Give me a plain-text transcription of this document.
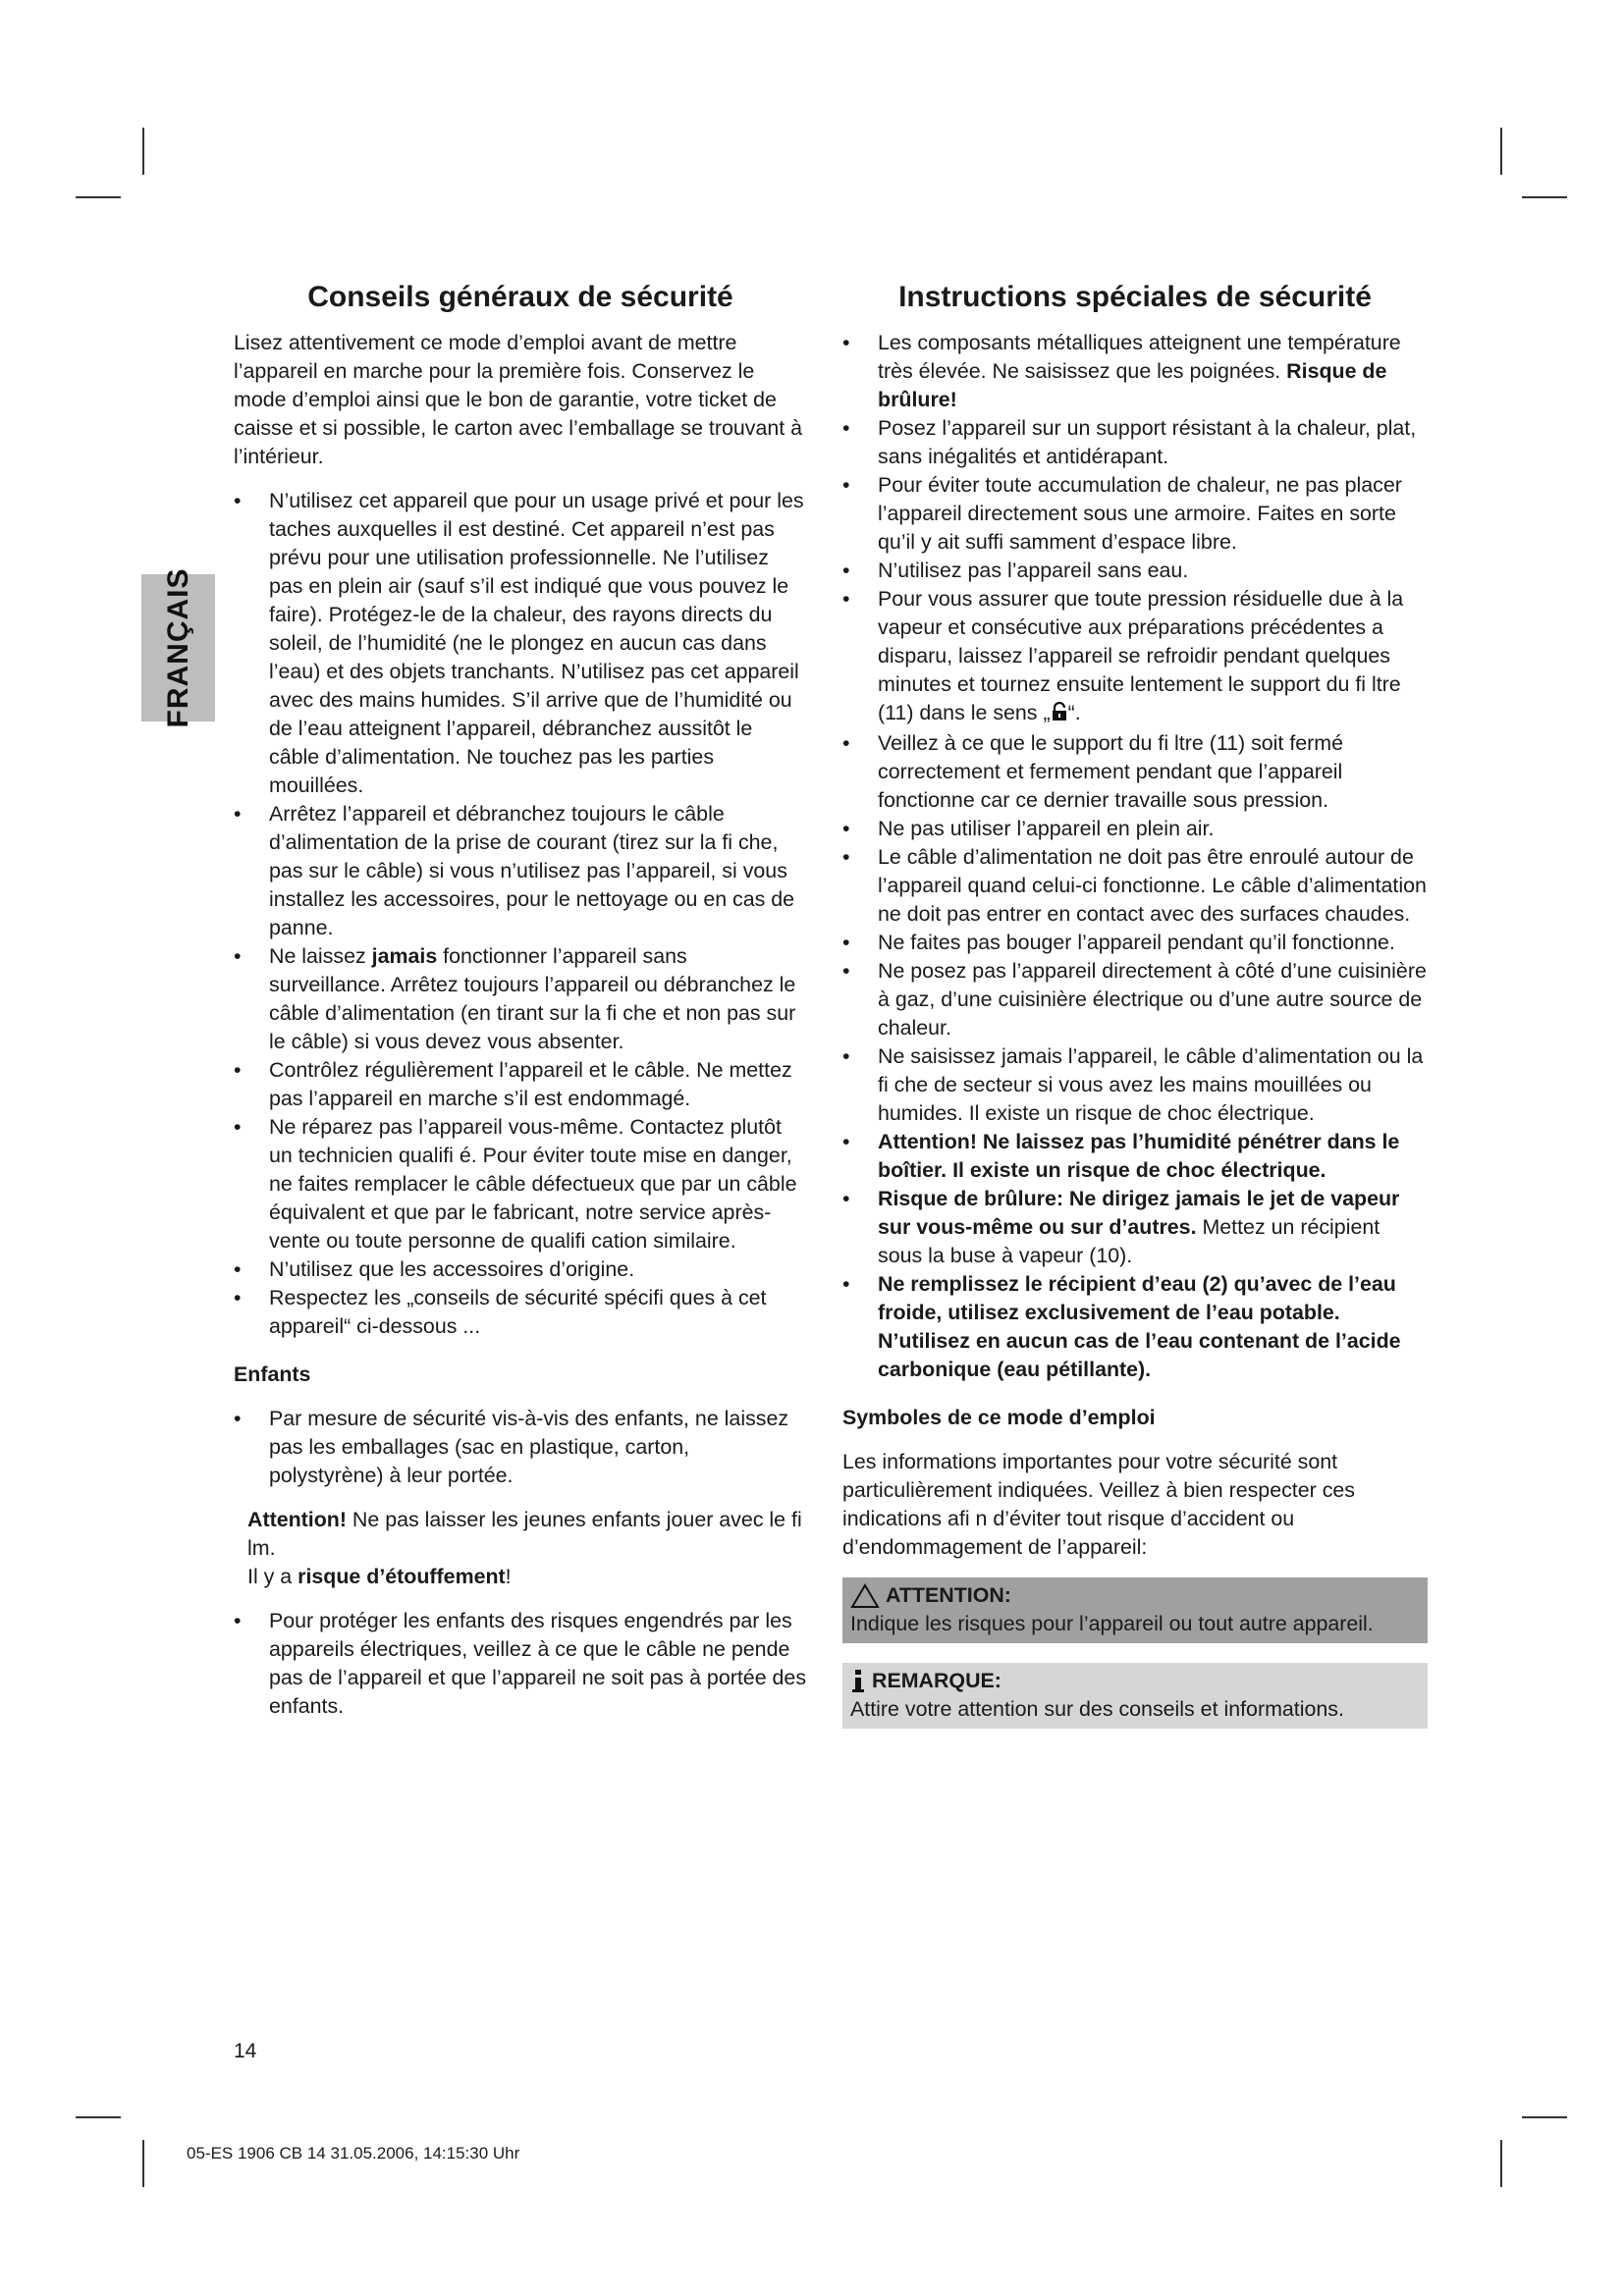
FRANÇAIS
Conseils généraux de sécurité

Lisez attentivement ce mode d’emploi avant de mettre l’appareil en marche pour la première fois. Conservez le mode d’emploi ainsi que le bon de garantie, votre ticket de caisse et si possible, le carton avec l’emballage se trouvant à l’intérieur.

• N’utilisez cet appareil que pour un usage privé et pour les taches auxquelles il est destiné. Cet appareil n’est pas prévu pour une utilisation professionnelle. Ne l’utilisez pas en plein air (sauf s’il est indiqué que vous pouvez le faire). Protégez-le de la chaleur, des rayons directs du soleil, de l’humidité (ne le plongez en aucun cas dans l’eau) et des objets tranchants. N’utilisez pas cet appareil avec des mains humides. S’il arrive que de l’humidité ou de l’eau atteignent l’appareil, débranchez aussitôt le câble d’alimentation. Ne touchez pas les parties mouillées.
• Arrêtez l’appareil et débranchez toujours le câble d’alimentation de la prise de courant (tirez sur la fi che, pas sur le câble) si vous n’utilisez pas l’appareil, si vous installez les accessoires, pour le nettoyage ou en cas de panne.
• Ne laissez jamais fonctionner l’appareil sans surveillance. Arrêtez toujours l’appareil ou débranchez le câble d’alimentation (en tirant sur la fi che et non pas sur le câble) si vous devez vous absenter.
• Contrôlez régulièrement l’appareil et le câble. Ne mettez pas l’appareil en marche s’il est endommagé.
• Ne réparez pas l’appareil vous-même. Contactez plutôt un technicien qualifi é. Pour éviter toute mise en danger, ne faites remplacer le câble défectueux que par un câble équivalent et que par le fabricant, notre service après-vente ou toute personne de qualifi cation similaire.
• N’utilisez que les accessoires d’origine.
• Respectez les „conseils de sécurité spécifi ques à cet appareil“ ci-dessous ...
Enfants
• Par mesure de sécurité vis-à-vis des enfants, ne laissez pas les emballages (sac en plastique, carton, polystyrène) à leur portée.
Attention! Ne pas laisser les jeunes enfants jouer avec le fi lm.
Il y a risque d’étouffement!
• Pour protéger les enfants des risques engendrés par les appareils électriques, veillez à ce que le câble ne pende pas de l’appareil et que l’appareil ne soit pas à portée des enfants.
Instructions spéciales de sécurité
• Les composants métalliques atteignent une température très élevée. Ne saisissez que les poignées. Risque de brûlure!
• Posez l’appareil sur un support résistant à la chaleur, plat, sans inégalités et antidérapant.
• Pour éviter toute accumulation de chaleur, ne pas placer l’appareil directement sous une armoire. Faites en sorte qu’il y ait suffi samment d’espace libre.
• N’utilisez pas l’appareil sans eau.
• Pour vous assurer que toute pression résiduelle due à la vapeur et consécutive aux préparations précédentes a disparu, laissez l’appareil se refroidir pendant quelques minutes et tournez ensuite lentement le support du fi ltre (11) dans le sens „ “.
• Veillez à ce que le support du fi ltre (11) soit fermé correctement et fermement pendant que l’appareil fonctionne car ce dernier travaille sous pression.
• Ne pas utiliser l’appareil en plein air.
• Le câble d’alimentation ne doit pas être enroulé autour de l’appareil quand celui-ci fonctionne. Le câble d’alimentation ne doit pas entrer en contact avec des surfaces chaudes.
• Ne faites pas bouger l’appareil pendant qu’il fonctionne.
• Ne posez pas l’appareil directement à côté d’une cuisinière à gaz, d’une cuisinière électrique ou d’une autre source de chaleur.
• Ne saisissez jamais l’appareil, le câble d’alimentation ou la fi che de secteur si vous avez les mains mouillées ou humides. Il existe un risque de choc électrique.
• Attention! Ne laissez pas l’humidité pénétrer dans le boîtier. Il existe un risque de choc électrique.
• Risque de brûlure: Ne dirigez jamais le jet de vapeur sur vous-même ou sur d’autres. Mettez un récipient sous la buse à vapeur (10).
• Ne remplissez le récipient d’eau (2) qu’avec de l’eau froide, utilisez exclusivement de l’eau potable. N’utilisez en aucun cas de l’eau contenant de l’acide carbonique (eau pétillante).
Symboles de ce mode d’emploi

Les informations importantes pour votre sécurité sont particulièrement indiquées. Veillez à bien respecter ces indications afi n d’éviter tout risque d’accident ou d’endommagement de l’appareil:

ATTENTION:
Indique les risques pour l’appareil ou tout autre appareil.
REMARQUE:
Attire votre attention sur des conseils et informations.
14
05-ES 1906 CB 14 31.05.2006, 14:15:30 Uhr
